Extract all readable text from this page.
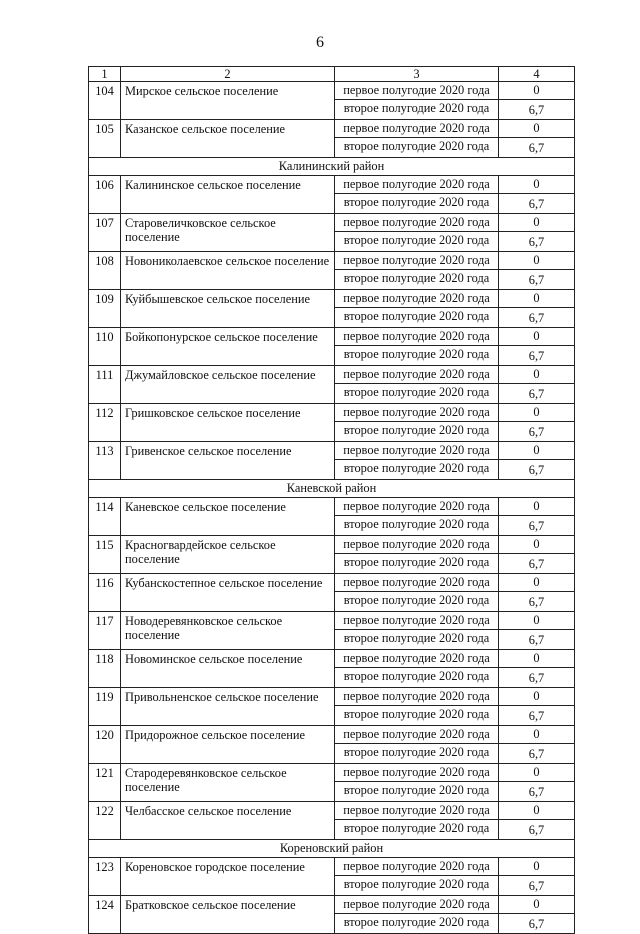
6
1	2	3	4
104	Мирское сельское поселение	первое полугодие 2020 года	0
		второе полугодие 2020 года	6,7
105	Казанское сельское поселение	первое полугодие 2020 года	0
		второе полугодие 2020 года	6,7
Калининский район			
106	Калининское сельское поселение	первое полугодие 2020 года	0
		второе полугодие 2020 года	6,7
107	Старовеличковское сельское поселение	первое полугодие 2020 года	0
		второе полугодие 2020 года	6,7
108	Новониколаевское сельское поселение	первое полугодие 2020 года	0
		второе полугодие 2020 года	6,7
109	Куйбышевское сельское поселение	первое полугодие 2020 года	0
		второе полугодие 2020 года	6,7
110	Бойкопонурское сельское поселение	первое полугодие 2020 года	0
		второе полугодие 2020 года	6,7
111	Джумайловское сельское поселение	первое полугодие 2020 года	0
		второе полугодие 2020 года	6,7
112	Гришковское сельское поселение	первое полугодие 2020 года	0
		второе полугодие 2020 года	6,7
113	Гривенское сельское поселение	первое полугодие 2020 года	0
		второе полугодие 2020 года	6,7
Каневской район			
114	Каневское сельское поселение	первое полугодие 2020 года	0
		второе полугодие 2020 года	6,7
115	Красногвардейское сельское поселение	первое полугодие 2020 года	0
		второе полугодие 2020 года	6,7
116	Кубанскостепное сельское поселение	первое полугодие 2020 года	0
		второе полугодие 2020 года	6,7
117	Новодеревянковское сельское поселение	первое полугодие 2020 года	0
		второе полугодие 2020 года	6,7
118	Новоминское сельское поселение	первое полугодие 2020 года	0
		второе полугодие 2020 года	6,7
119	Привольненское сельское поселение	первое полугодие 2020 года	0
		второе полугодие 2020 года	6,7
120	Придорожное сельское поселение	первое полугодие 2020 года	0
		второе полугодие 2020 года	6,7
121	Стародеревянковское сельское поселение	первое полугодие 2020 года	0
		второе полугодие 2020 года	6,7
122	Челбасское сельское поселение	первое полугодие 2020 года	0
		второе полугодие 2020 года	6,7
Кореновский район			
123	Кореновское городское поселение	первое полугодие 2020 года	0
		второе полугодие 2020 года	6,7
124	Братковское сельское поселение	первое полугодие 2020 года	0
		второе полугодие 2020 года	6,7
